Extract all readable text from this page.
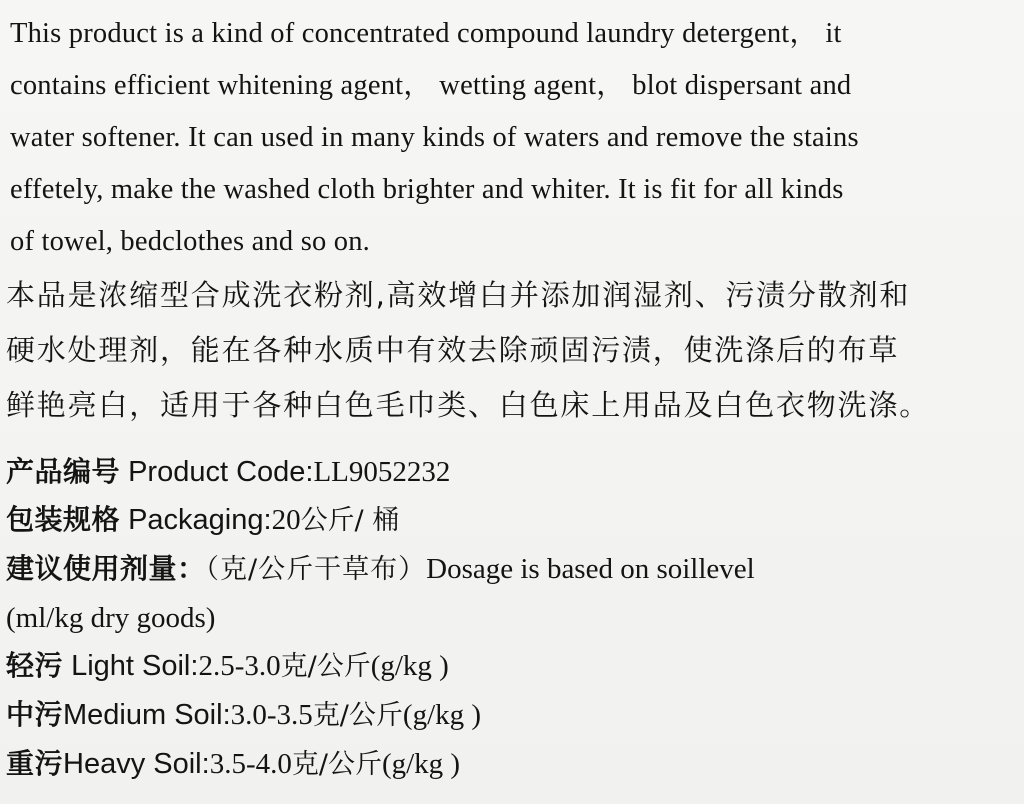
This product is a kind of concentrated compound laundry detergent， it
contains efficient whitening agent， wetting agent， blot dispersant and
water softener. It can used in many kinds of waters and remove the stains
effetely, make the washed cloth brighter and whiter. It is fit for all kinds
of towel, bedclothes and so on.
本品是浓缩型合成洗衣粉剂,高效增白并添加润湿剂、污渍分散剂和
硬水处理剂，能在各种水质中有效去除顽固污渍，使洗涤后的布草
鲜艳亮白，适用于各种白色毛巾类、白色床上用品及白色衣物洗涤。
产品编号 Product Code:LL9052232
包装规格 Packaging:20公斤/ 桶
建议使用剂量：（克/公斤干草布）Dosage is based on soillevel
(ml/kg dry goods)
轻污 Light Soil:2.5-3.0克/公斤(g/kg )
中污Medium Soil:3.0-3.5克/公斤(g/kg )
重污Heavy Soil:3.5-4.0克/公斤(g/kg )
